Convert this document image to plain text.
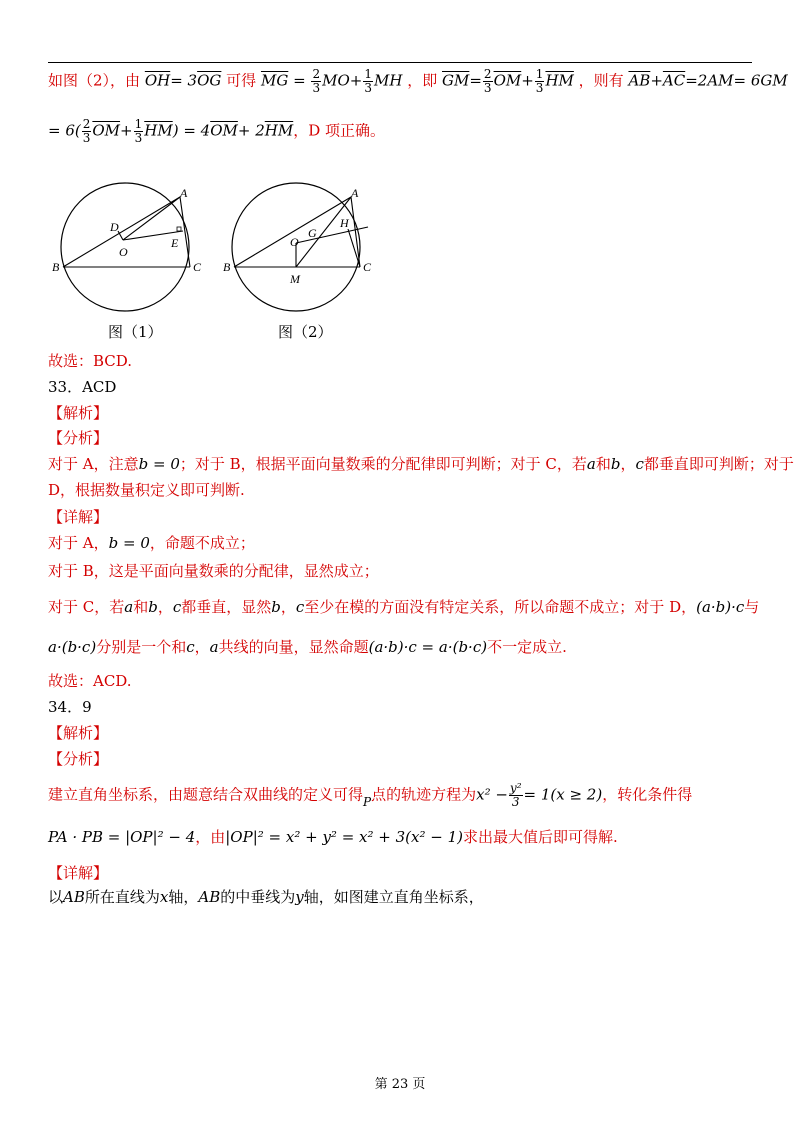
如图（2），由 $\overline{OH}= 3\overline{OG}$ 可得 $\overline{MG} = \frac{2}{3} MO+ \frac{1}{3}$ MH ，即 $\overline{GM}= \frac{2}{3} \overline{OM}+ \frac{1}{3} \overline{HM}$ ，则有 $\overline{AB}+\overline{AC}=2AM= 6GM$
= $6( \frac{2}{3} \overline{OM}+ \frac{1}{3} \overline{HM}) = 4\overline{OM}+ 2\overline{HM}$，D 项正确。
A
B	C
D
E
O
A
B	C
O
G
H
M
图（1）	图（2）
故选：BCD.
33．ACD
【解析】
【分析】
对于 A，注意b = 0；对于 B，根据平面向量数乘的分配律即可判断；对于 C，若a和b，c都垂直即可判断；对于
D，根据数量积定义即可判断.
【详解】
对于 A，b = 0，命题不成立；
对于 B，这是平面向量数乘的分配律，显然成立；
对于 C，若a和b，c都垂直，显然b，c至少在模的方面没有特定关系，所以命题不成立；对于 D，(a·b)·c与
a·(b·c)分别是一个和c，a共线的向量，显然命题(a·b)·c = a·(b·c)不一定成立.
故选：ACD.
34．9
【解析】
【分析】
建立直角坐标系，由题意结合双曲线的定义可得$_P$点的轨迹方程为$x^2 - \frac{\text{y²}}{3} = 1(x \ge 2)$，转化条件得
PA · PB = |OP|² − 4，由|OP|² = x² + y² = x² + 3(x² − 1)求出最大值后即可得解.
【详解】
以AB所在直线为x轴，AB的中垂线为y轴，如图建立直角坐标系，
第 23 页
